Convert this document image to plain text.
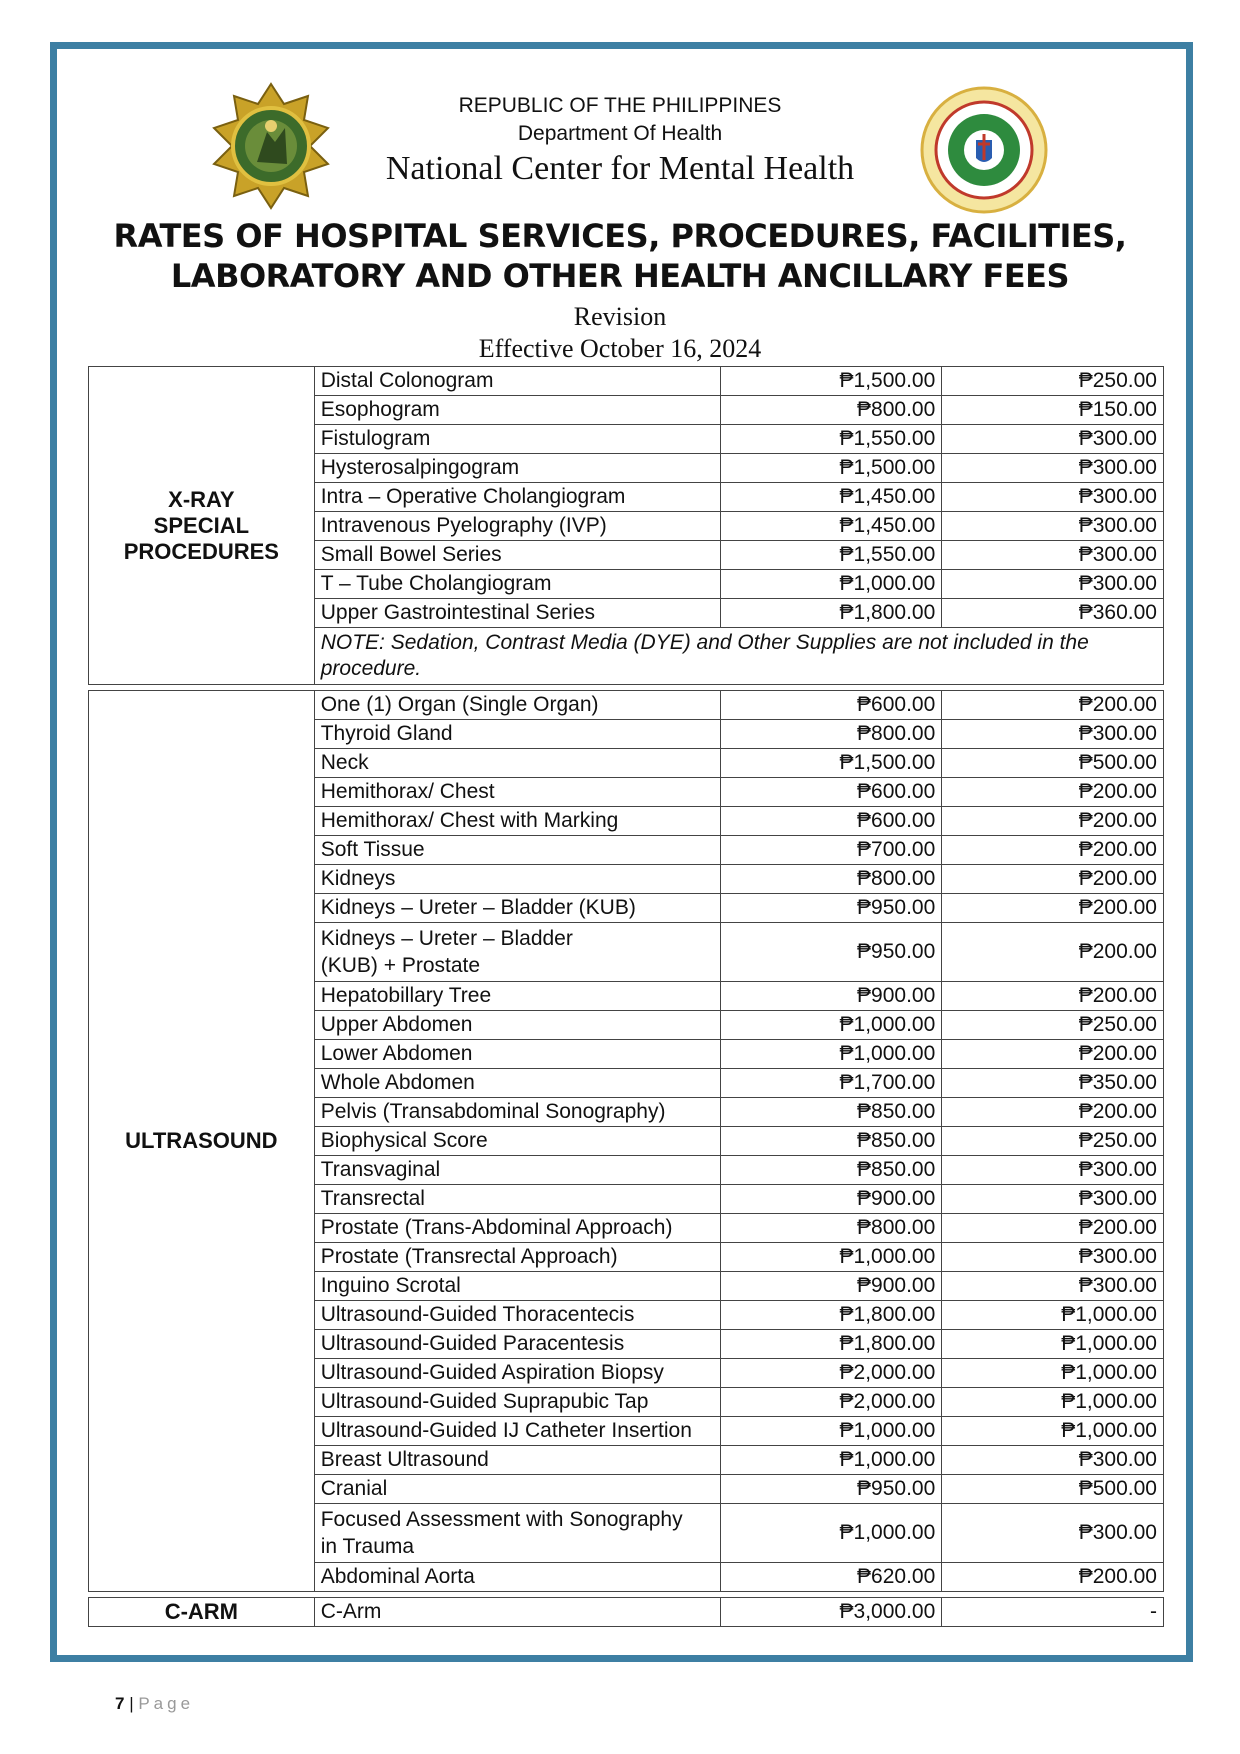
REPUBLIC OF THE PHILIPPINES
Department Of Health
National Center for Mental Health
RATES OF HOSPITAL SERVICES, PROCEDURES, FACILITIES,
LABORATORY AND OTHER HEALTH ANCILLARY FEES
Revision
Effective October 16, 2024
X-RAY
SPECIAL
PROCEDURES	Distal Colonogram	₱1,500.00	₱250.00
	Esophogram	₱800.00	₱150.00
	Fistulogram	₱1,550.00	₱300.00
	Hysterosalpingogram	₱1,500.00	₱300.00
	Intra – Operative Cholangiogram	₱1,450.00	₱300.00
	Intravenous Pyelography (IVP)	₱1,450.00	₱300.00
	Small Bowel Series	₱1,550.00	₱300.00
	T – Tube Cholangiogram	₱1,000.00	₱300.00
	Upper Gastrointestinal Series	₱1,800.00	₱360.00
	NOTE: Sedation, Contrast Media (DYE) and Other Supplies are not included in the procedure.		

ULTRASOUND	One (1) Organ (Single Organ)	₱600.00	₱200.00
	Thyroid Gland	₱800.00	₱300.00
	Neck	₱1,500.00	₱500.00
	Hemithorax/ Chest	₱600.00	₱200.00
	Hemithorax/ Chest with Marking	₱600.00	₱200.00
	Soft Tissue	₱700.00	₱200.00
	Kidneys	₱800.00	₱200.00
	Kidneys – Ureter – Bladder (KUB)	₱950.00	₱200.00
	Kidneys – Ureter – Bladder
(KUB) + Prostate	₱950.00	₱200.00
	Hepatobillary Tree	₱900.00	₱200.00
	Upper Abdomen	₱1,000.00	₱250.00
	Lower Abdomen	₱1,000.00	₱200.00
	Whole Abdomen	₱1,700.00	₱350.00
	Pelvis (Transabdominal Sonography)	₱850.00	₱200.00
	Biophysical Score	₱850.00	₱250.00
	Transvaginal	₱850.00	₱300.00
	Transrectal	₱900.00	₱300.00
	Prostate (Trans-Abdominal Approach)	₱800.00	₱200.00
	Prostate (Transrectal Approach)	₱1,000.00	₱300.00
	Inguino Scrotal	₱900.00	₱300.00
	Ultrasound-Guided Thoracentecis	₱1,800.00	₱1,000.00
	Ultrasound-Guided Paracentesis	₱1,800.00	₱1,000.00
	Ultrasound-Guided Aspiration Biopsy	₱2,000.00	₱1,000.00
	Ultrasound-Guided Suprapubic Tap	₱2,000.00	₱1,000.00
	Ultrasound-Guided IJ Catheter Insertion	₱1,000.00	₱1,000.00
	Breast Ultrasound	₱1,000.00	₱300.00
	Cranial	₱950.00	₱500.00
	Focused Assessment with Sonography
in Trauma	₱1,000.00	₱300.00
	Abdominal Aorta	₱620.00	₱200.00

C-ARM	C-Arm	₱3,000.00	-
7 | Page
